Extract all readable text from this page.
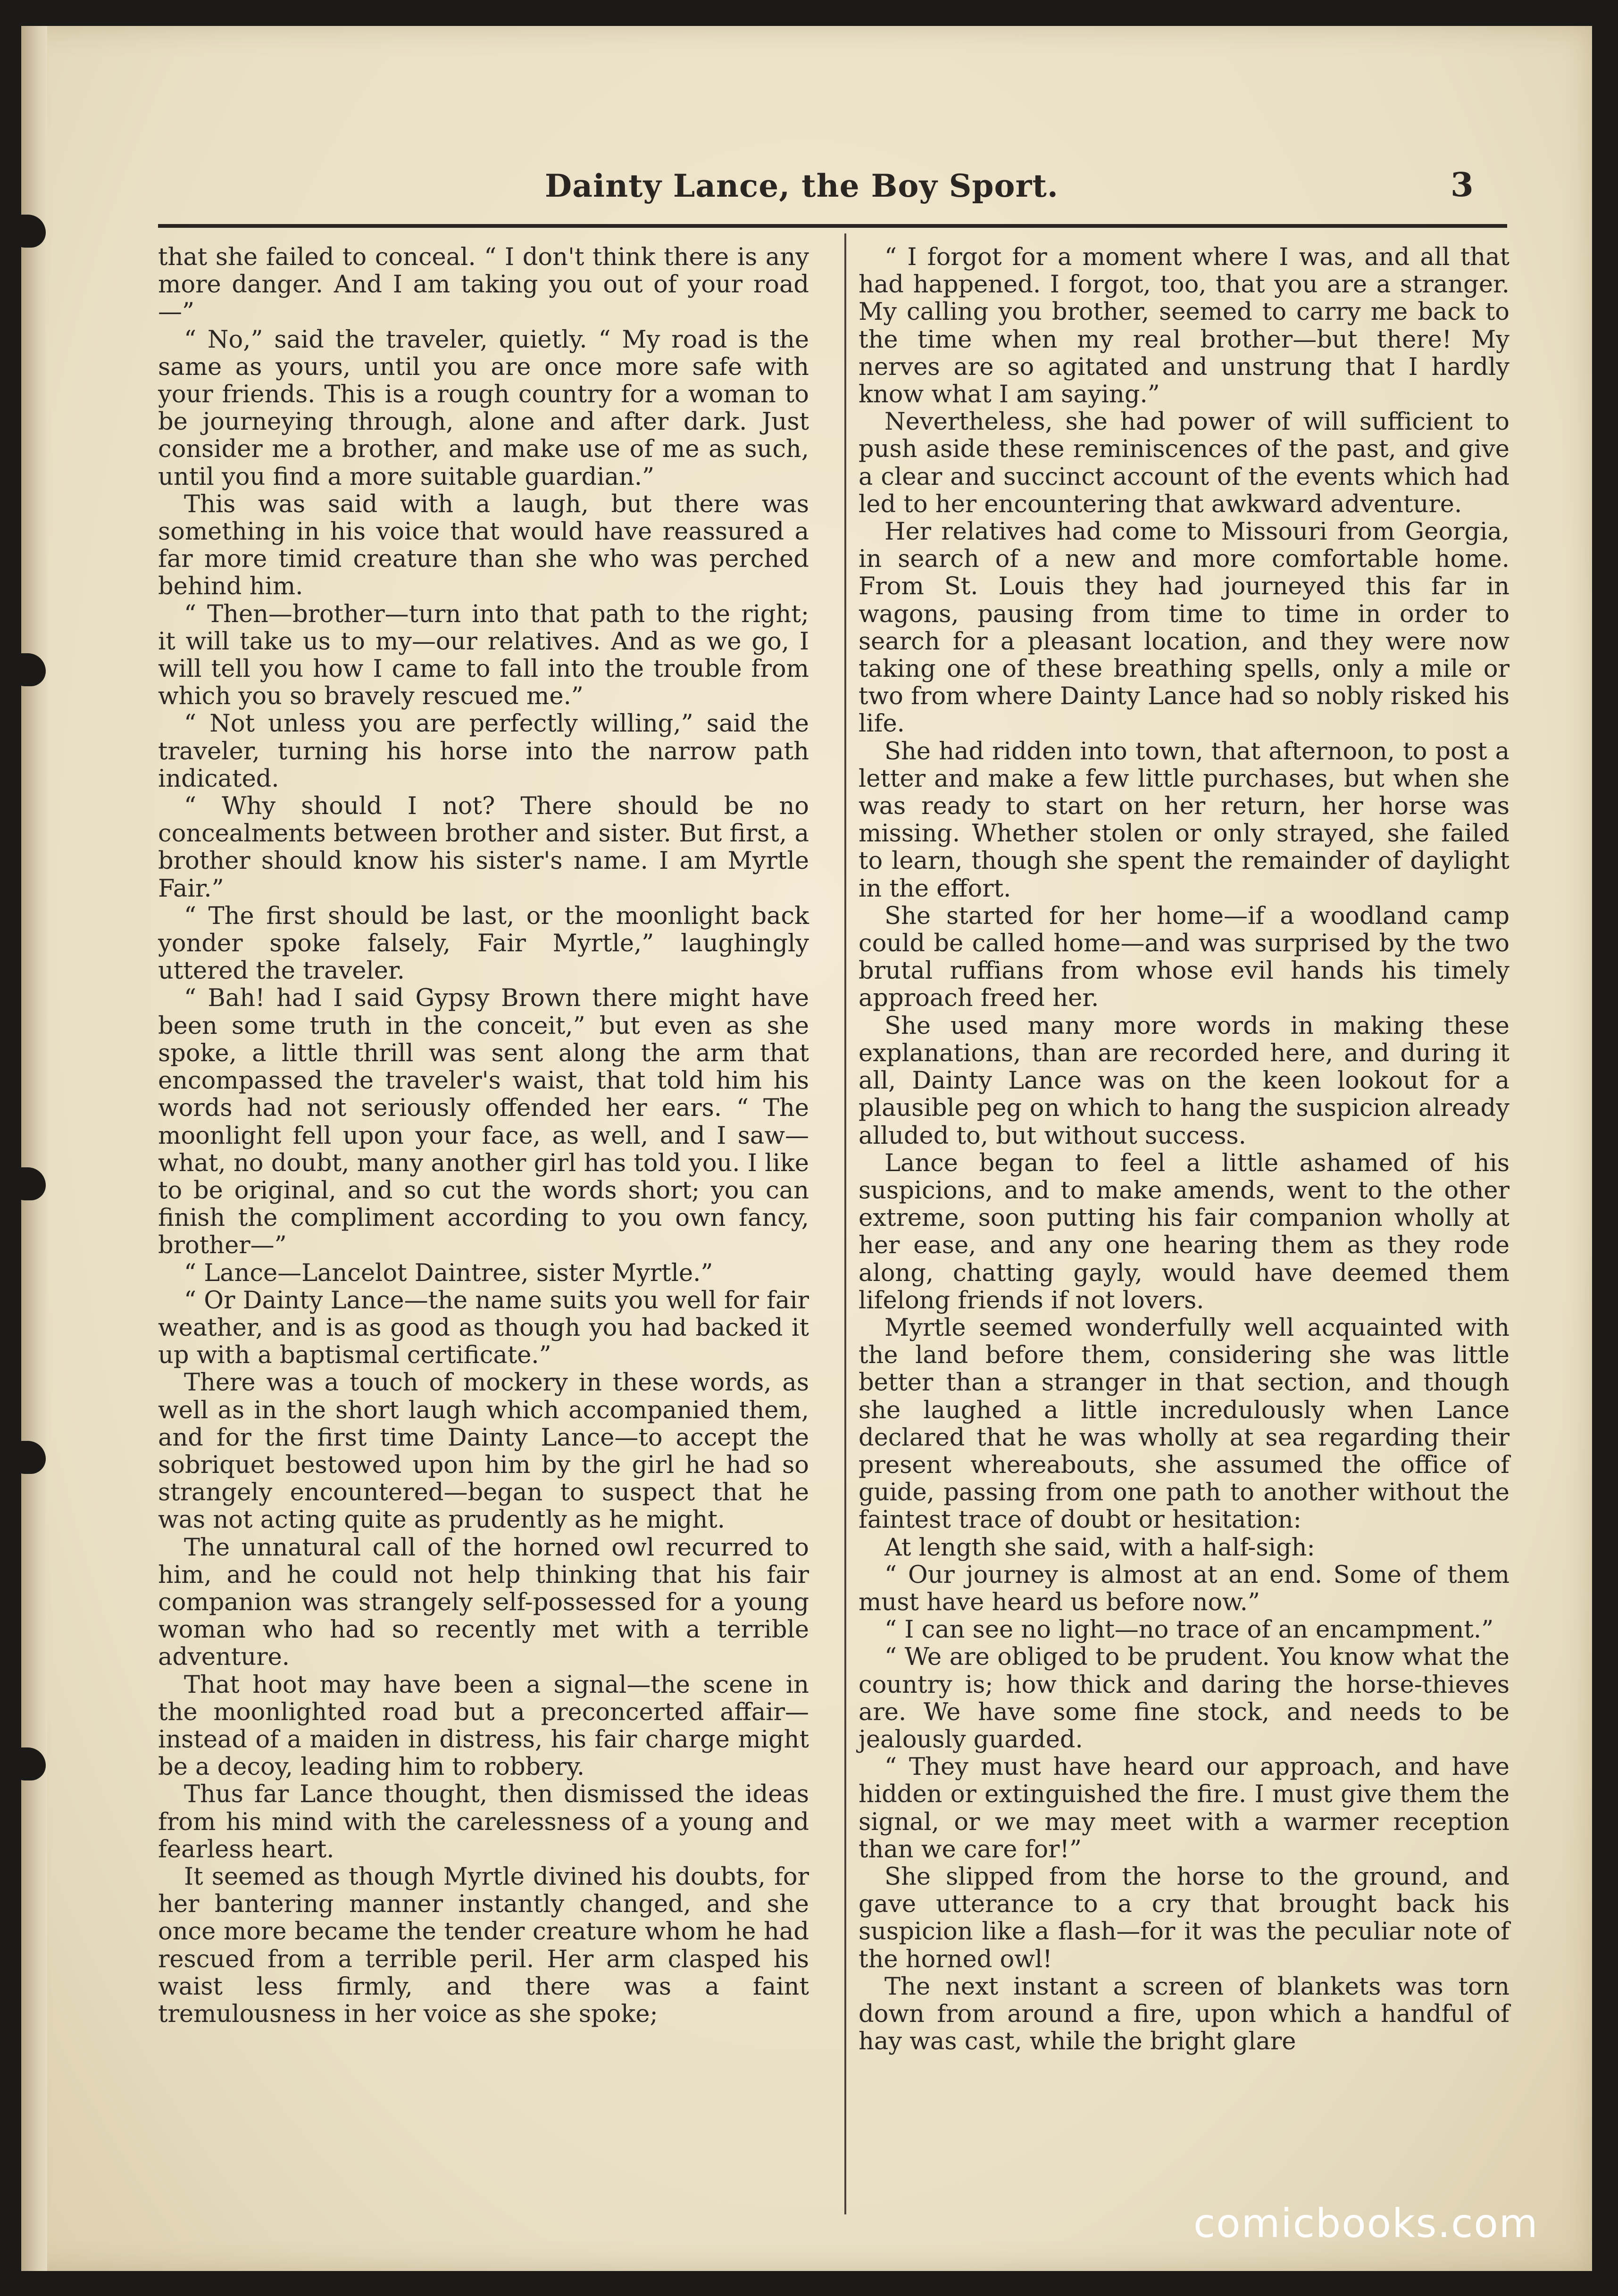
Dainty Lance, the Boy Sport.	3

that she failed to conceal. “ I don't think there is any more danger. And I am taking you out of your road—”

“ No,” said the traveler, quietly. “ My road is the same as yours, until you are once more safe with your friends. This is a rough country for a woman to be journeying through, alone and after dark. Just consider me a brother, and make use of me as such, until you find a more suitable guardian.”

This was said with a laugh, but there was something in his voice that would have reassured a far more timid creature than she who was perched behind him.

“ Then—brother—turn into that path to the right; it will take us to my—our relatives. And as we go, I will tell you how I came to fall into the trouble from which you so bravely rescued me.”

“ Not unless you are perfectly willing,” said the traveler, turning his horse into the narrow path indicated.

“ Why should I not? There should be no concealments between brother and sister. But first, a brother should know his sister's name. I am Myrtle Fair.”

“ The first should be last, or the moonlight back yonder spoke falsely, Fair Myrtle,” laughingly uttered the traveler.

“ Bah! had I said Gypsy Brown there might have been some truth in the conceit,” but even as she spoke, a little thrill was sent along the arm that encompassed the traveler's waist, that told him his words had not seriously offended her ears. “ The moonlight fell upon your face, as well, and I saw—what, no doubt, many another girl has told you. I like to be original, and so cut the words short; you can finish the compliment according to you own fancy, brother—”

“ Lance—Lancelot Daintree, sister Myrtle.”

“ Or Dainty Lance—the name suits you well for fair weather, and is as good as though you had backed it up with a baptismal certificate.”

There was a touch of mockery in these words, as well as in the short laugh which accompanied them, and for the first time Dainty Lance—to accept the sobriquet bestowed upon him by the girl he had so strangely encountered—began to suspect that he was not acting quite as prudently as he might.

The unnatural call of the horned owl recurred to him, and he could not help thinking that his fair companion was strangely self-possessed for a young woman who had so recently met with a terrible adventure.

That hoot may have been a signal—the scene in the moonlighted road but a preconcerted affair—instead of a maiden in distress, his fair charge might be a decoy, leading him to robbery.

Thus far Lance thought, then dismissed the ideas from his mind with the carelessness of a young and fearless heart.

It seemed as though Myrtle divined his doubts, for her bantering manner instantly changed, and she once more became the tender creature whom he had rescued from a terrible peril. Her arm clasped his waist less firmly, and there was a faint tremulousness in her voice as she spoke;

“ I forgot for a moment where I was, and all that had happened. I forgot, too, that you are a stranger. My calling you brother, seemed to carry me back to the time when my real brother—but there! My nerves are so agitated and unstrung that I hardly know what I am saying.”

Nevertheless, she had power of will sufficient to push aside these reminiscences of the past, and give a clear and succinct account of the events which had led to her encountering that awkward adventure.

Her relatives had come to Missouri from Georgia, in search of a new and more comfortable home. From St. Louis they had journeyed this far in wagons, pausing from time to time in order to search for a pleasant location, and they were now taking one of these breathing spells, only a mile or two from where Dainty Lance had so nobly risked his life.

She had ridden into town, that afternoon, to post a letter and make a few little purchases, but when she was ready to start on her return, her horse was missing. Whether stolen or only strayed, she failed to learn, though she spent the remainder of daylight in the effort.

She started for her home—if a woodland camp could be called home—and was surprised by the two brutal ruffians from whose evil hands his timely approach freed her.

She used many more words in making these explanations, than are recorded here, and during it all, Dainty Lance was on the keen lookout for a plausible peg on which to hang the suspicion already alluded to, but without success.

Lance began to feel a little ashamed of his suspicions, and to make amends, went to the other extreme, soon putting his fair companion wholly at her ease, and any one hearing them as they rode along, chatting gayly, would have deemed them lifelong friends if not lovers.

Myrtle seemed wonderfully well acquainted with the land before them, considering she was little better than a stranger in that section, and though she laughed a little incredulously when Lance declared that he was wholly at sea regarding their present whereabouts, she assumed the office of guide, passing from one path to another without the faintest trace of doubt or hesitation:

At length she said, with a half-sigh:

“ Our journey is almost at an end. Some of them must have heard us before now.”

“ I can see no light—no trace of an encampment.”

“ We are obliged to be prudent. You know what the country is; how thick and daring the horse-thieves are. We have some fine stock, and needs to be jealously guarded.

“ They must have heard our approach, and have hidden or extinguished the fire. I must give them the signal, or we may meet with a warmer reception than we care for!”

She slipped from the horse to the ground, and gave utterance to a cry that brought back his suspicion like a flash—for it was the peculiar note of the horned owl!

The next instant a screen of blankets was torn down from around a fire, upon which a handful of hay was cast, while the bright glare

comicbooks.com
